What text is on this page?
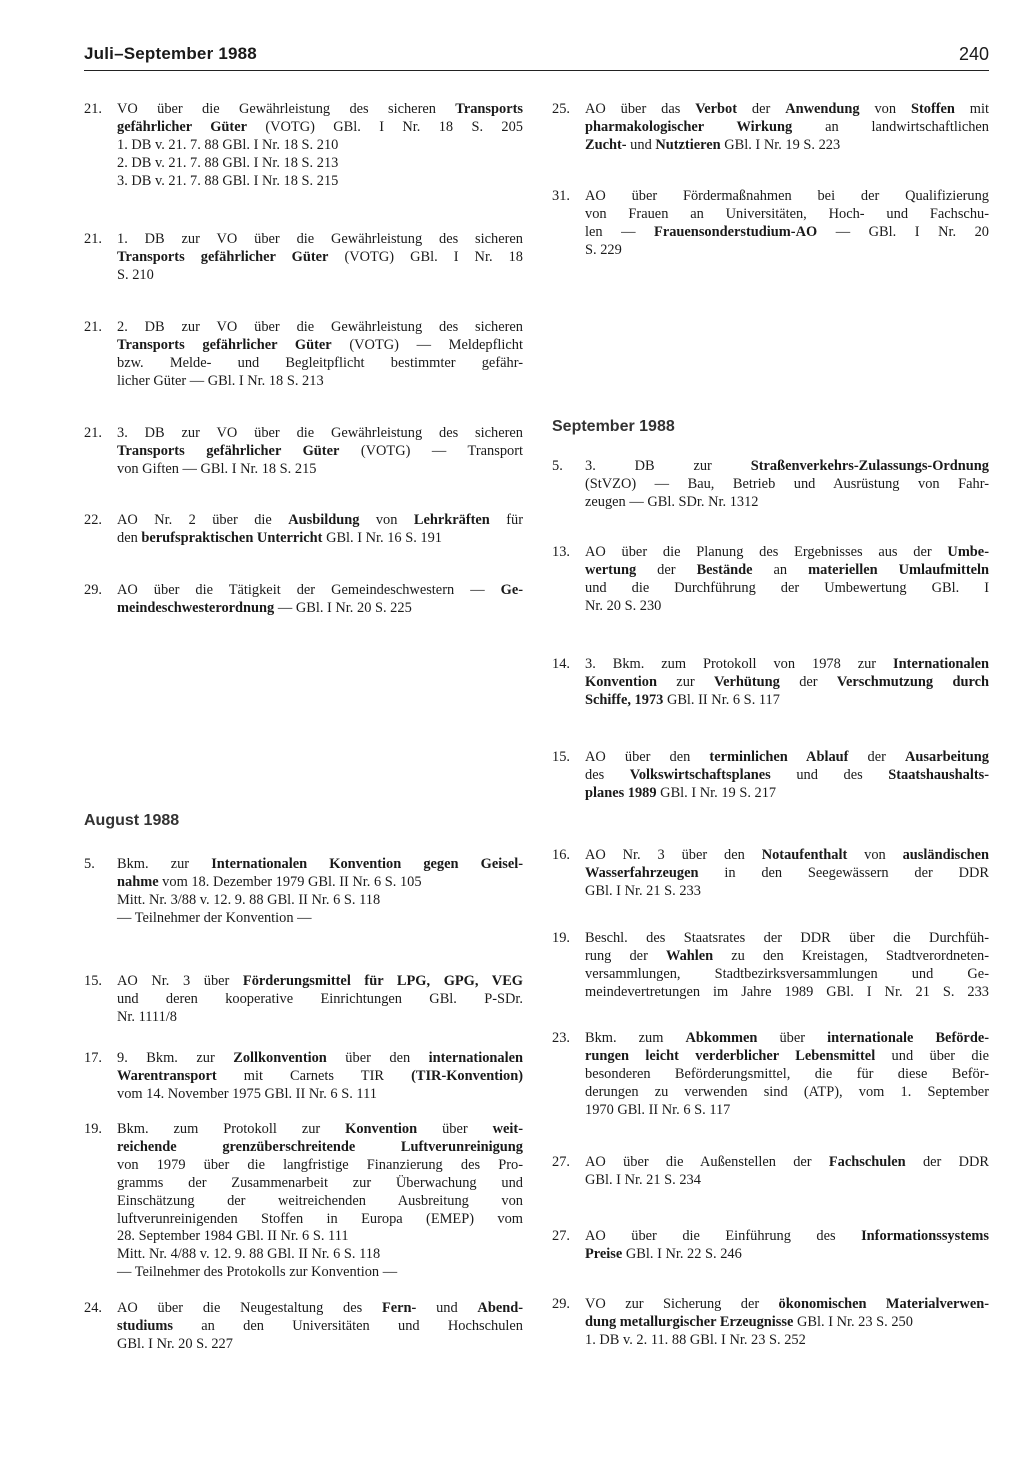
Juli–September 1988	240
August 1988
September 1988
21.	VO über die Gewährleistung des sicheren Transports
gefährlicher Güter (VOTG) GBl. I Nr. 18 S. 205
1. DB v. 21. 7. 88 GBl. I Nr. 18 S. 210
2. DB v. 21. 7. 88 GBl. I Nr. 18 S. 213
3. DB v. 21. 7. 88 GBl. I Nr. 18 S. 215
21.	1. DB zur VO über die Gewährleistung des sicheren
Transports gefährlicher Güter (VOTG) GBl. I Nr. 18
S. 210
21.	2. DB zur VO über die Gewährleistung des sicheren
Transports gefährlicher Güter (VOTG) — Meldepflicht
bzw. Melde- und Begleitpflicht bestimmter gefähr-
licher Güter — GBl. I Nr. 18 S. 213
21.	3. DB zur VO über die Gewährleistung des sicheren
Transports gefährlicher Güter (VOTG) — Transport
von Giften — GBl. I Nr. 18 S. 215
22.	AO Nr. 2 über die Ausbildung von Lehrkräften für
den berufspraktischen Unterricht GBl. I Nr. 16 S. 191
29.	AO über die Tätigkeit der Gemeindeschwestern — Ge-
meindeschwesterordnung — GBl. I Nr. 20 S. 225
5.	Bkm. zur Internationalen Konvention gegen Geisel-
nahme vom 18. Dezember 1979 GBl. II Nr. 6 S. 105
Mitt. Nr. 3/88 v. 12. 9. 88 GBl. II Nr. 6 S. 118
— Teilnehmer der Konvention —
15.	AO Nr. 3 über Förderungsmittel für LPG, GPG, VEG
und deren kooperative Einrichtungen GBl. P-SDr.
Nr. 1111/8
17.	9. Bkm. zur Zollkonvention über den internationalen
Warentransport mit Carnets TIR (TIR-Konvention)
vom 14. November 1975 GBl. II Nr. 6 S. 111
19.	Bkm. zum Protokoll zur Konvention über weit-
reichende grenzüberschreitende Luftverunreinigung
von 1979 über die langfristige Finanzierung des Pro-
gramms der Zusammenarbeit zur Überwachung und
Einschätzung der weitreichenden Ausbreitung von
luftverunreinigenden Stoffen in Europa (EMEP) vom
28. September 1984 GBl. II Nr. 6 S. 111
Mitt. Nr. 4/88 v. 12. 9. 88 GBl. II Nr. 6 S. 118
— Teilnehmer des Protokolls zur Konvention —
24.	AO über die Neugestaltung des Fern- und Abend-
studiums an den Universitäten und Hochschulen
GBl. I Nr. 20 S. 227
25.	AO über das Verbot der Anwendung von Stoffen mit
pharmakologischer Wirkung an landwirtschaftlichen
Zucht- und Nutztieren GBl. I Nr. 19 S. 223
31.	AO über Fördermaßnahmen bei der Qualifizierung
von Frauen an Universitäten, Hoch- und Fachschu-
len — Frauensonderstudium-AO — GBl. I Nr. 20
S. 229
5.	3. DB zur Straßenverkehrs-Zulassungs-Ordnung
(StVZO) — Bau, Betrieb und Ausrüstung von Fahr-
zeugen — GBl. SDr. Nr. 1312
13.	AO über die Planung des Ergebnisses aus der Umbe-
wertung der Bestände an materiellen Umlaufmitteln
und die Durchführung der Umbewertung GBl. I
Nr. 20 S. 230
14.	3. Bkm. zum Protokoll von 1978 zur Internationalen
Konvention zur Verhütung der Verschmutzung durch
Schiffe, 1973 GBl. II Nr. 6 S. 117
15.	AO über den terminlichen Ablauf der Ausarbeitung
des Volkswirtschaftsplanes und des Staatshaushalts-
planes 1989 GBl. I Nr. 19 S. 217
16.	AO Nr. 3 über den Notaufenthalt von ausländischen
Wasserfahrzeugen in den Seegewässern der DDR
GBl. I Nr. 21 S. 233
19.	Beschl. des Staatsrates der DDR über die Durchfüh-
rung der Wahlen zu den Kreistagen, Stadtverordneten-
versammlungen, Stadtbezirksversammlungen und Ge-
meindevertretungen im Jahre 1989 GBl. I Nr. 21 S. 233
23.	Bkm. zum Abkommen über internationale Beförde-
rungen leicht verderblicher Lebensmittel und über die
besonderen Beförderungsmittel, die für diese Beför-
derungen zu verwenden sind (ATP), vom 1. September
1970 GBl. II Nr. 6 S. 117
27.	AO über die Außenstellen der Fachschulen der DDR
GBl. I Nr. 21 S. 234
27.	AO über die Einführung des Informationssystems
Preise GBl. I Nr. 22 S. 246
29.	VO zur Sicherung der ökonomischen Materialverwen-
dung metallurgischer Erzeugnisse GBl. I Nr. 23 S. 250
1. DB v. 2. 11. 88 GBl. I Nr. 23 S. 252
